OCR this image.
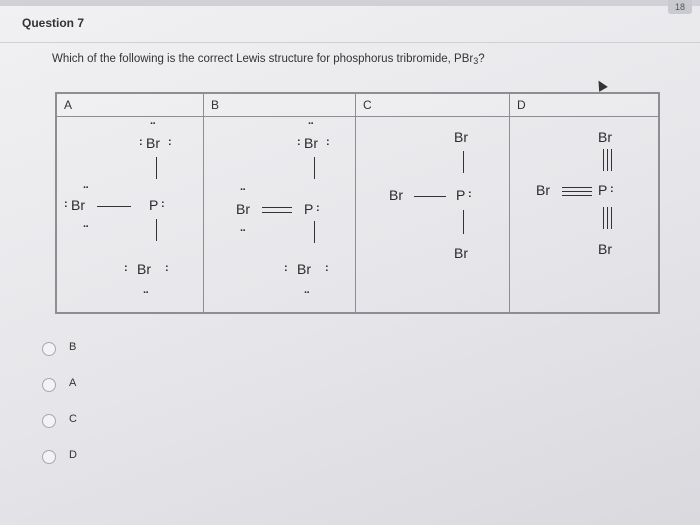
18
Question 7
Which of the following is the correct Lewis structure for phosphorus tribromide, PBr$_3$?
A
··
: Br :
··
: Br	P :
··
: Br :
··
B
··
: Br :
··
Br	P :
··
: Br :
··
C
Br
Br	P :
Br
D
Br
Br	P :
Br
B
A
C
D
